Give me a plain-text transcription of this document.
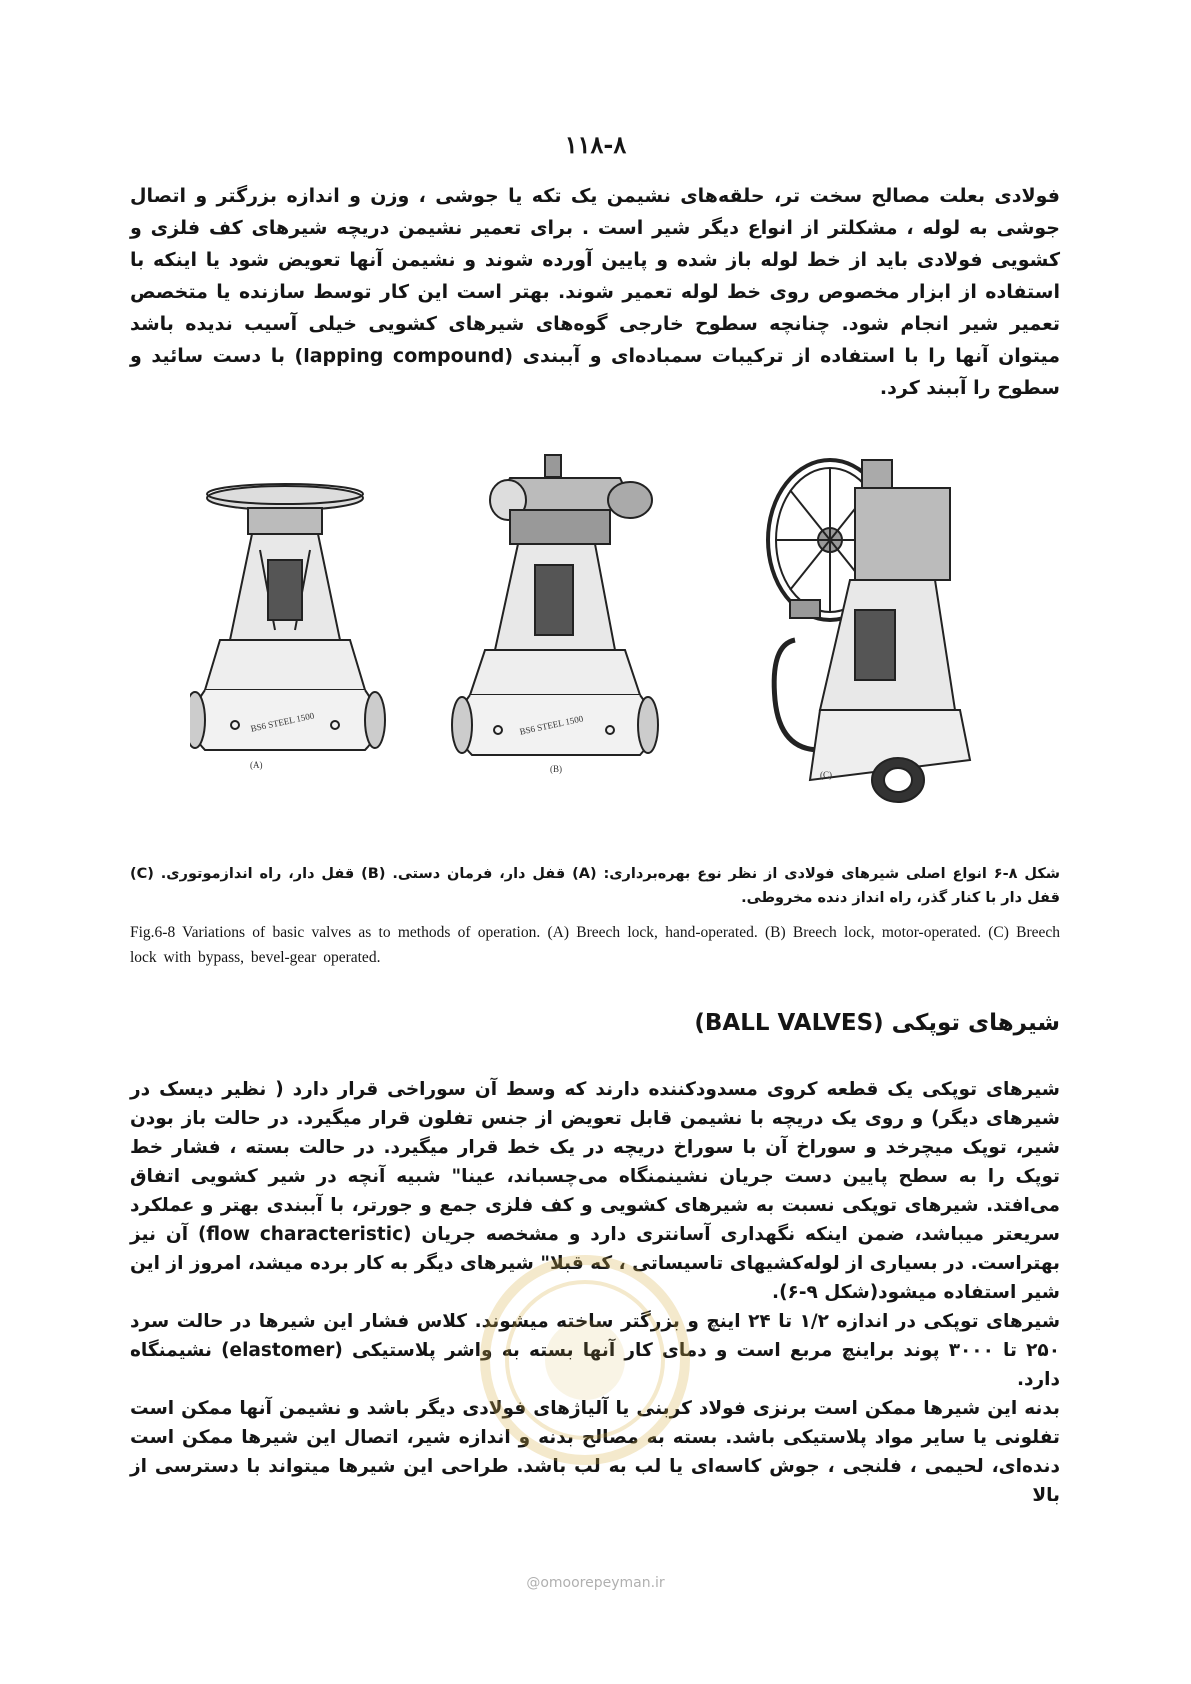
۱۱۸-۸

فولادی بعلت مصالح سخت تر، حلقه‌های نشیمن یک تکه یا جوشی ، وزن و اندازه بزرگتر و اتصال جوشی به لوله ، مشکلتر از انواع دیگر شیر است . برای تعمیر نشیمن دریچه شیرهای کف فلزی و کشویی فولادی باید از خط لوله باز شده و پایین آورده شوند و نشیمن آنها تعویض شود یا اینکه با استفاده از ابزار مخصوص روی خط لوله تعمیر شوند. بهتر است این کار توسط سازنده یا متخصص تعمیر شیر انجام شود. چنانچه سطوح خارجی گوه‌های شیرهای کشویی خیلی آسیب ندیده باشد میتوان آنها را با استفاده از ترکیبات سمباده‌ای و آببندی (lapping compound) با دست سائید و سطوح را آببند کرد.

BS6 STEEL 1500	BS6 STEEL 1500
(A)	(B)
(C)
شکل ۸-۶ انواع اصلی شیرهای فولادی از نظر نوع بهره‌برداری: (A) قفل دار، فرمان دستی. (B) قفل دار، راه اندازموتوری. (C) قفل دار با کنار گذر، راه انداز دنده مخروطی.
Fig.6-8 Variations of basic valves as to methods of operation. (A) Breech lock, hand-operated. (B) Breech lock, motor-operated. (C) Breech lock with bypass, bevel-gear operated.
شیرهای توپکی (BALL VALVES)

شیرهای توپکی یک قطعه کروی مسدودکننده دارند که وسط آن سوراخی قرار دارد ( نظیر دیسک در شیرهای دیگر) و روی یک دریچه با نشیمن قابل تعویض از جنس تفلون قرار میگیرد. در حالت باز بودن شیر، توپک میچرخد و سوراخ آن با سوراخ دریچه در یک خط قرار میگیرد. در حالت بسته ، فشار خط توپک را به سطح پایین دست جریان نشینمنگاه می‌چسباند، عینا" شبیه آنچه در شیر کشویی اتفاق می‌افتد. شیرهای توپکی نسبت به شیرهای کشویی و کف فلزی جمع و جورتر، با آببندی بهتر و عملکرد سریعتر میباشد، ضمن اینکه نگهداری آسانتری دارد و مشخصه جریان (flow characteristic) آن نیز بهتراست. در بسیاری از لوله‌کشیهای تاسیساتی ، که قبلا" شیرهای دیگر به کار برده میشد، امروز از این شیر استفاده میشود(شکل ۹-۶).

شیرهای توپکی در اندازه ۱/۲ تا ۲۴ اینچ و بزرگتر ساخته میشوند. کلاس فشار این شیرها در حالت سرد ۲۵۰ تا ۳۰۰۰ پوند براینچ مربع است و دمای کار آنها بسته به واشر پلاستیکی (elastomer) نشیمنگاه دارد.

بدنه این شیرها ممکن است برنزی فولاد کربنی یا آلیاژهای فولادی دیگر باشد و نشیمن آنها ممکن است تفلونی یا سایر مواد پلاستیکی باشد. بسته به مصالح بدنه و اندازه شیر، اتصال این شیرها ممکن است دنده‌ای، لحیمی ، فلنجی ، جوش کاسه‌ای یا لب به لب باشد. طراحی این شیرها میتواند با دسترسی از بالا

@omoorepeyman.ir
